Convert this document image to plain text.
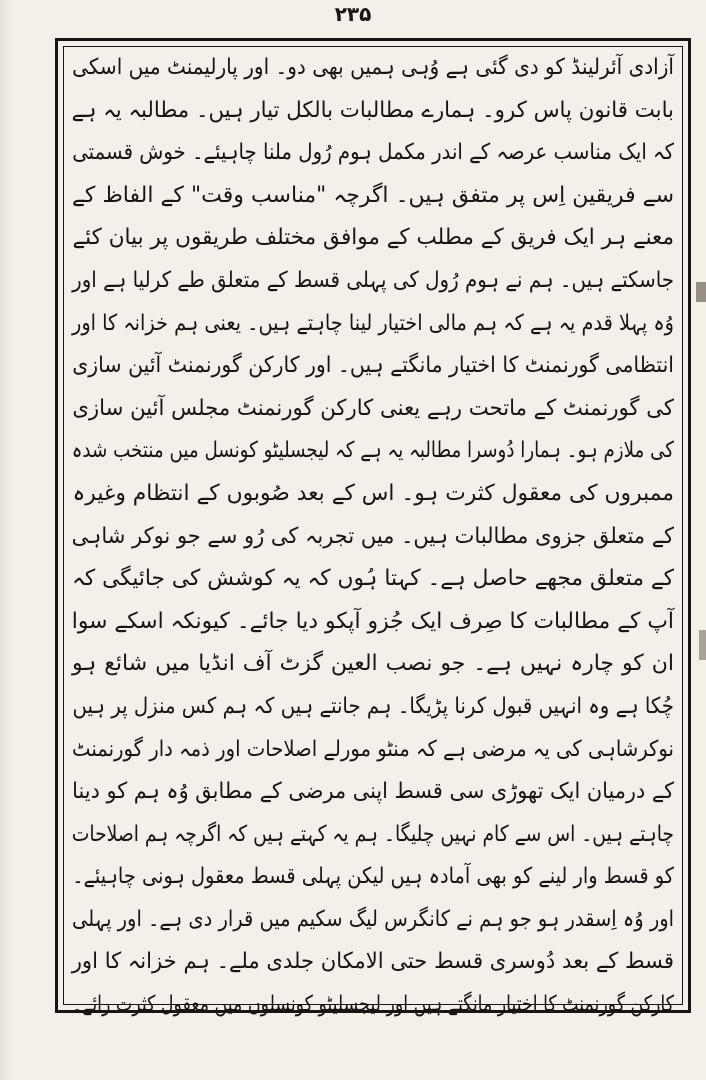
۲۳۵
آزادی آئرلینڈ کو دی گئی ہے وُہی ہمیں بھی دو۔ اور پارلیمنٹ میں اسکی
بابت قانون پاس کرو۔ ہمارے مطالبات بالکل تیار ہیں۔ مطالبہ یہ ہے
کہ ایک مناسب عرصہ کے اندر مکمل ہوم رُول ملنا چاہیئے۔ خوش قسمتی
سے فریقین اِس پر متفق ہیں۔ اگرچہ "مناسب وقت" کے الفاظ کے
معنے ہر ایک فریق کے مطلب کے موافق مختلف طریقوں پر بیان کئے
جاسکتے ہیں۔ ہم نے ہوم رُول کی پہلی قسط کے متعلق طے کرلیا ہے اور
وُہ پہلا قدم یہ ہے کہ ہم مالی اختیار لینا چاہتے ہیں۔ یعنی ہم خزانہ کا اور
انتظامی گورنمنٹ کا اختیار مانگتے ہیں۔ اور کارکن گورنمنٹ آئین سازی
کی گورنمنٹ کے ماتحت رہے یعنی کارکن گورنمنٹ مجلس آئین سازی
کی ملازم ہو۔ ہمارا دُوسرا مطالبہ یہ ہے کہ لیجسلیٹو کونسل میں منتخب شدہ
ممبروں کی معقول کثرت ہو۔ اس کے بعد صُوبوں کے انتظام وغیرہ
کے متعلق جزوی مطالبات ہیں۔ میں تجربہ کی رُو سے جو نوکر شاہی
کے متعلق مجھے حاصل ہے۔ کہتا ہُوں کہ یہ کوشش کی جائیگی کہ
آپ کے مطالبات کا صِرف ایک جُزو آپکو دیا جائے۔ کیونکہ اسکے سوا
ان کو چارہ نہیں ہے۔ جو نصب العین گزٹ آف انڈیا میں شائع ہو
چُکا ہے وہ انہیں قبول کرنا پڑیگا۔ ہم جانتے ہیں کہ ہم کس منزل پر ہیں
نوکرشاہی کی یہ مرضی ہے کہ منٹو مورلے اصلاحات اور ذمہ دار گورنمنٹ
کے درمیان ایک تھوڑی سی قسط اپنی مرضی کے مطابق وُہ ہم کو دینا
چاہتے ہیں۔ اس سے کام نہیں چلیگا۔ ہم یہ کہتے ہیں کہ اگرچہ ہم اصلاحات
کو قسط وار لینے کو بھی آمادہ ہیں لیکن پہلی قسط معقول ہونی چاہیئے۔
اور وُہ اِسقدر ہو جو ہم نے کانگرس لیگ سکیم میں قرار دی ہے۔ اور پہلی
قسط کے بعد دُوسری قسط حتی الامکان جلدی ملے۔ ہم خزانہ کا اور
کارکن گورنمنٹ کا اختیار مانگتے ہیں اور لیجسلیٹو کونسلوں میں معقول کثرت رائے۔
